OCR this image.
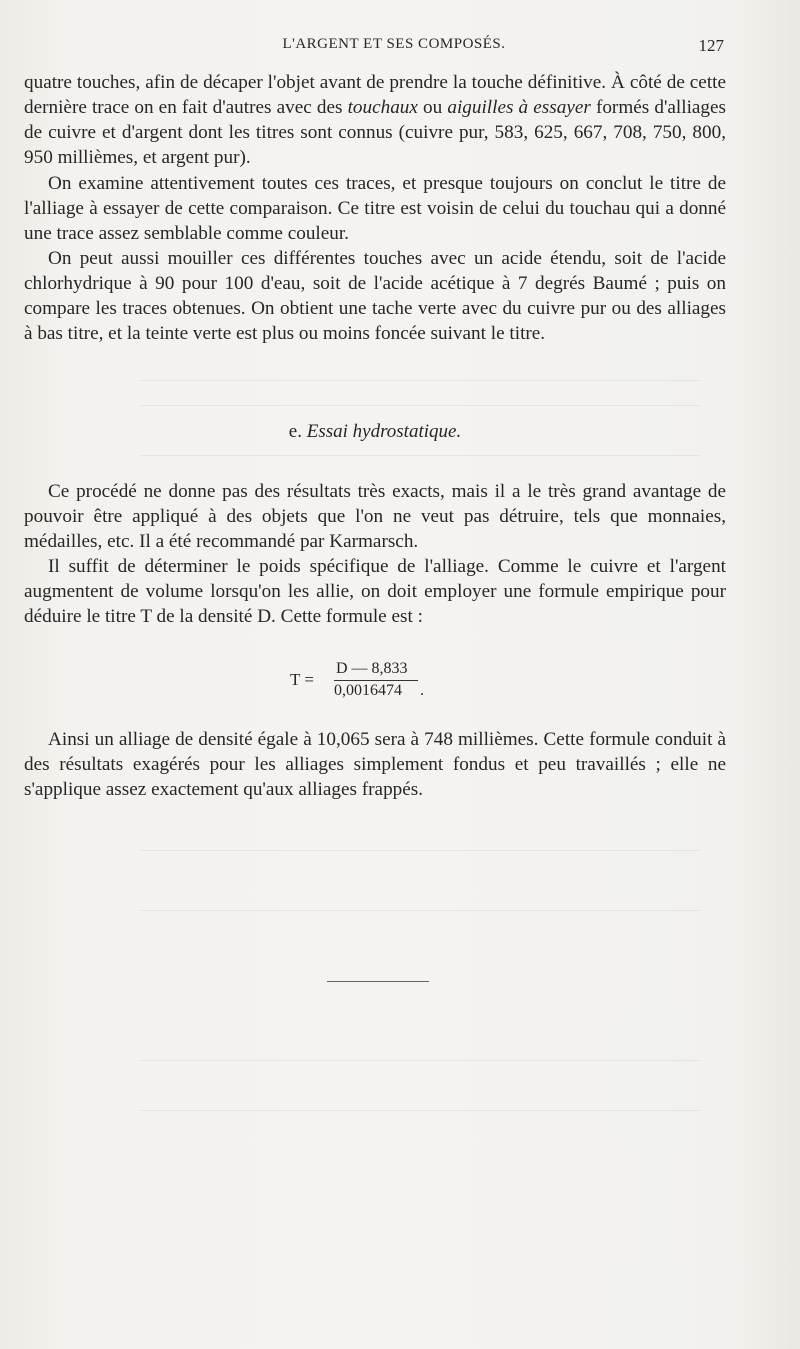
L'ARGENT ET SES COMPOSÉS.	127

quatre touches, afin de décaper l'objet avant de prendre la touche définitive. À côté de cette dernière trace on en fait d'autres avec des touchaux ou aiguilles à essayer formés d'alliages de cuivre et d'argent dont les titres sont connus (cuivre pur, 583, 625, 667, 708, 750, 800, 950 millièmes, et argent pur).

On examine attentivement toutes ces traces, et presque toujours on conclut le titre de l'alliage à essayer de cette comparaison. Ce titre est voisin de celui du touchau qui a donné une trace assez semblable comme couleur.

On peut aussi mouiller ces différentes touches avec un acide étendu, soit de l'acide chlorhydrique à 90 pour 100 d'eau, soit de l'acide acétique à 7 degrés Baumé ; puis on compare les traces obtenues. On obtient une tache verte avec du cuivre pur ou des alliages à bas titre, et la teinte verte est plus ou moins foncée suivant le titre.

e. Essai hydrostatique.

Ce procédé ne donne pas des résultats très exacts, mais il a le très grand avantage de pouvoir être appliqué à des objets que l'on ne veut pas détruire, tels que monnaies, médailles, etc. Il a été recommandé par Karmarsch.

Il suffit de déterminer le poids spécifique de l'alliage. Comme le cuivre et l'argent augmentent de volume lorsqu'on les allie, on doit employer une formule empirique pour déduire le titre T de la densité D. Cette formule est :

T =
D — 8,833
0,0016474 .

Ainsi un alliage de densité égale à 10,065 sera à 748 millièmes. Cette formule conduit à des résultats exagérés pour les alliages simplement fondus et peu travaillés ; elle ne s'applique assez exactement qu'aux alliages frappés.
